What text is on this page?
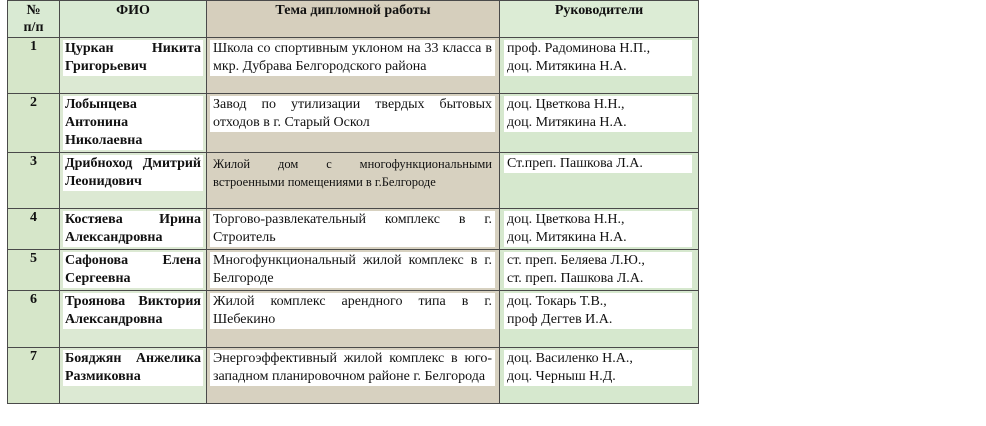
№
п/п	ФИО	Тема дипломной работы	Руководители

1	Цуркан Никита Григорьевич	Школа со спортивным уклоном на 33 класса в мкр. Дубрава Белгородского района	проф. Радоминова Н.П.,
доц. Митякина Н.А.

2	Лобынцева Антонина Николаевна	Завод по утилизации твердых бытовых отходов в г. Старый Оскол	доц. Цветкова Н.Н.,
доц. Митякина Н.А.

3	Дрибноход Дмитрий Леонидович	Жилой дом с многофункциональными встроенными помещениями в г.Белгороде	Ст.преп. Пашкова Л.А.

4	Костяева Ирина Александровна	Торгово-развлекательный комплекс в г. Строитель	доц. Цветкова Н.Н.,
доц. Митякина Н.А.

5	Сафонова Елена Сергеевна	Многофункциональный жилой комплекс в г. Белгороде	ст. преп. Беляева Л.Ю.,
ст. преп. Пашкова Л.А.

6	Троянова Виктория Александровна	Жилой комплекс арендного типа в г. Шебекино	доц. Токарь Т.В.,
проф Дегтев И.А.

7	Бояджян Анжелика Размиковна	Энергоэффективный жилой комплекс в юго-западном планировочном районе г. Белгорода	доц. Василенко Н.А.,
доц. Черныш Н.Д.
